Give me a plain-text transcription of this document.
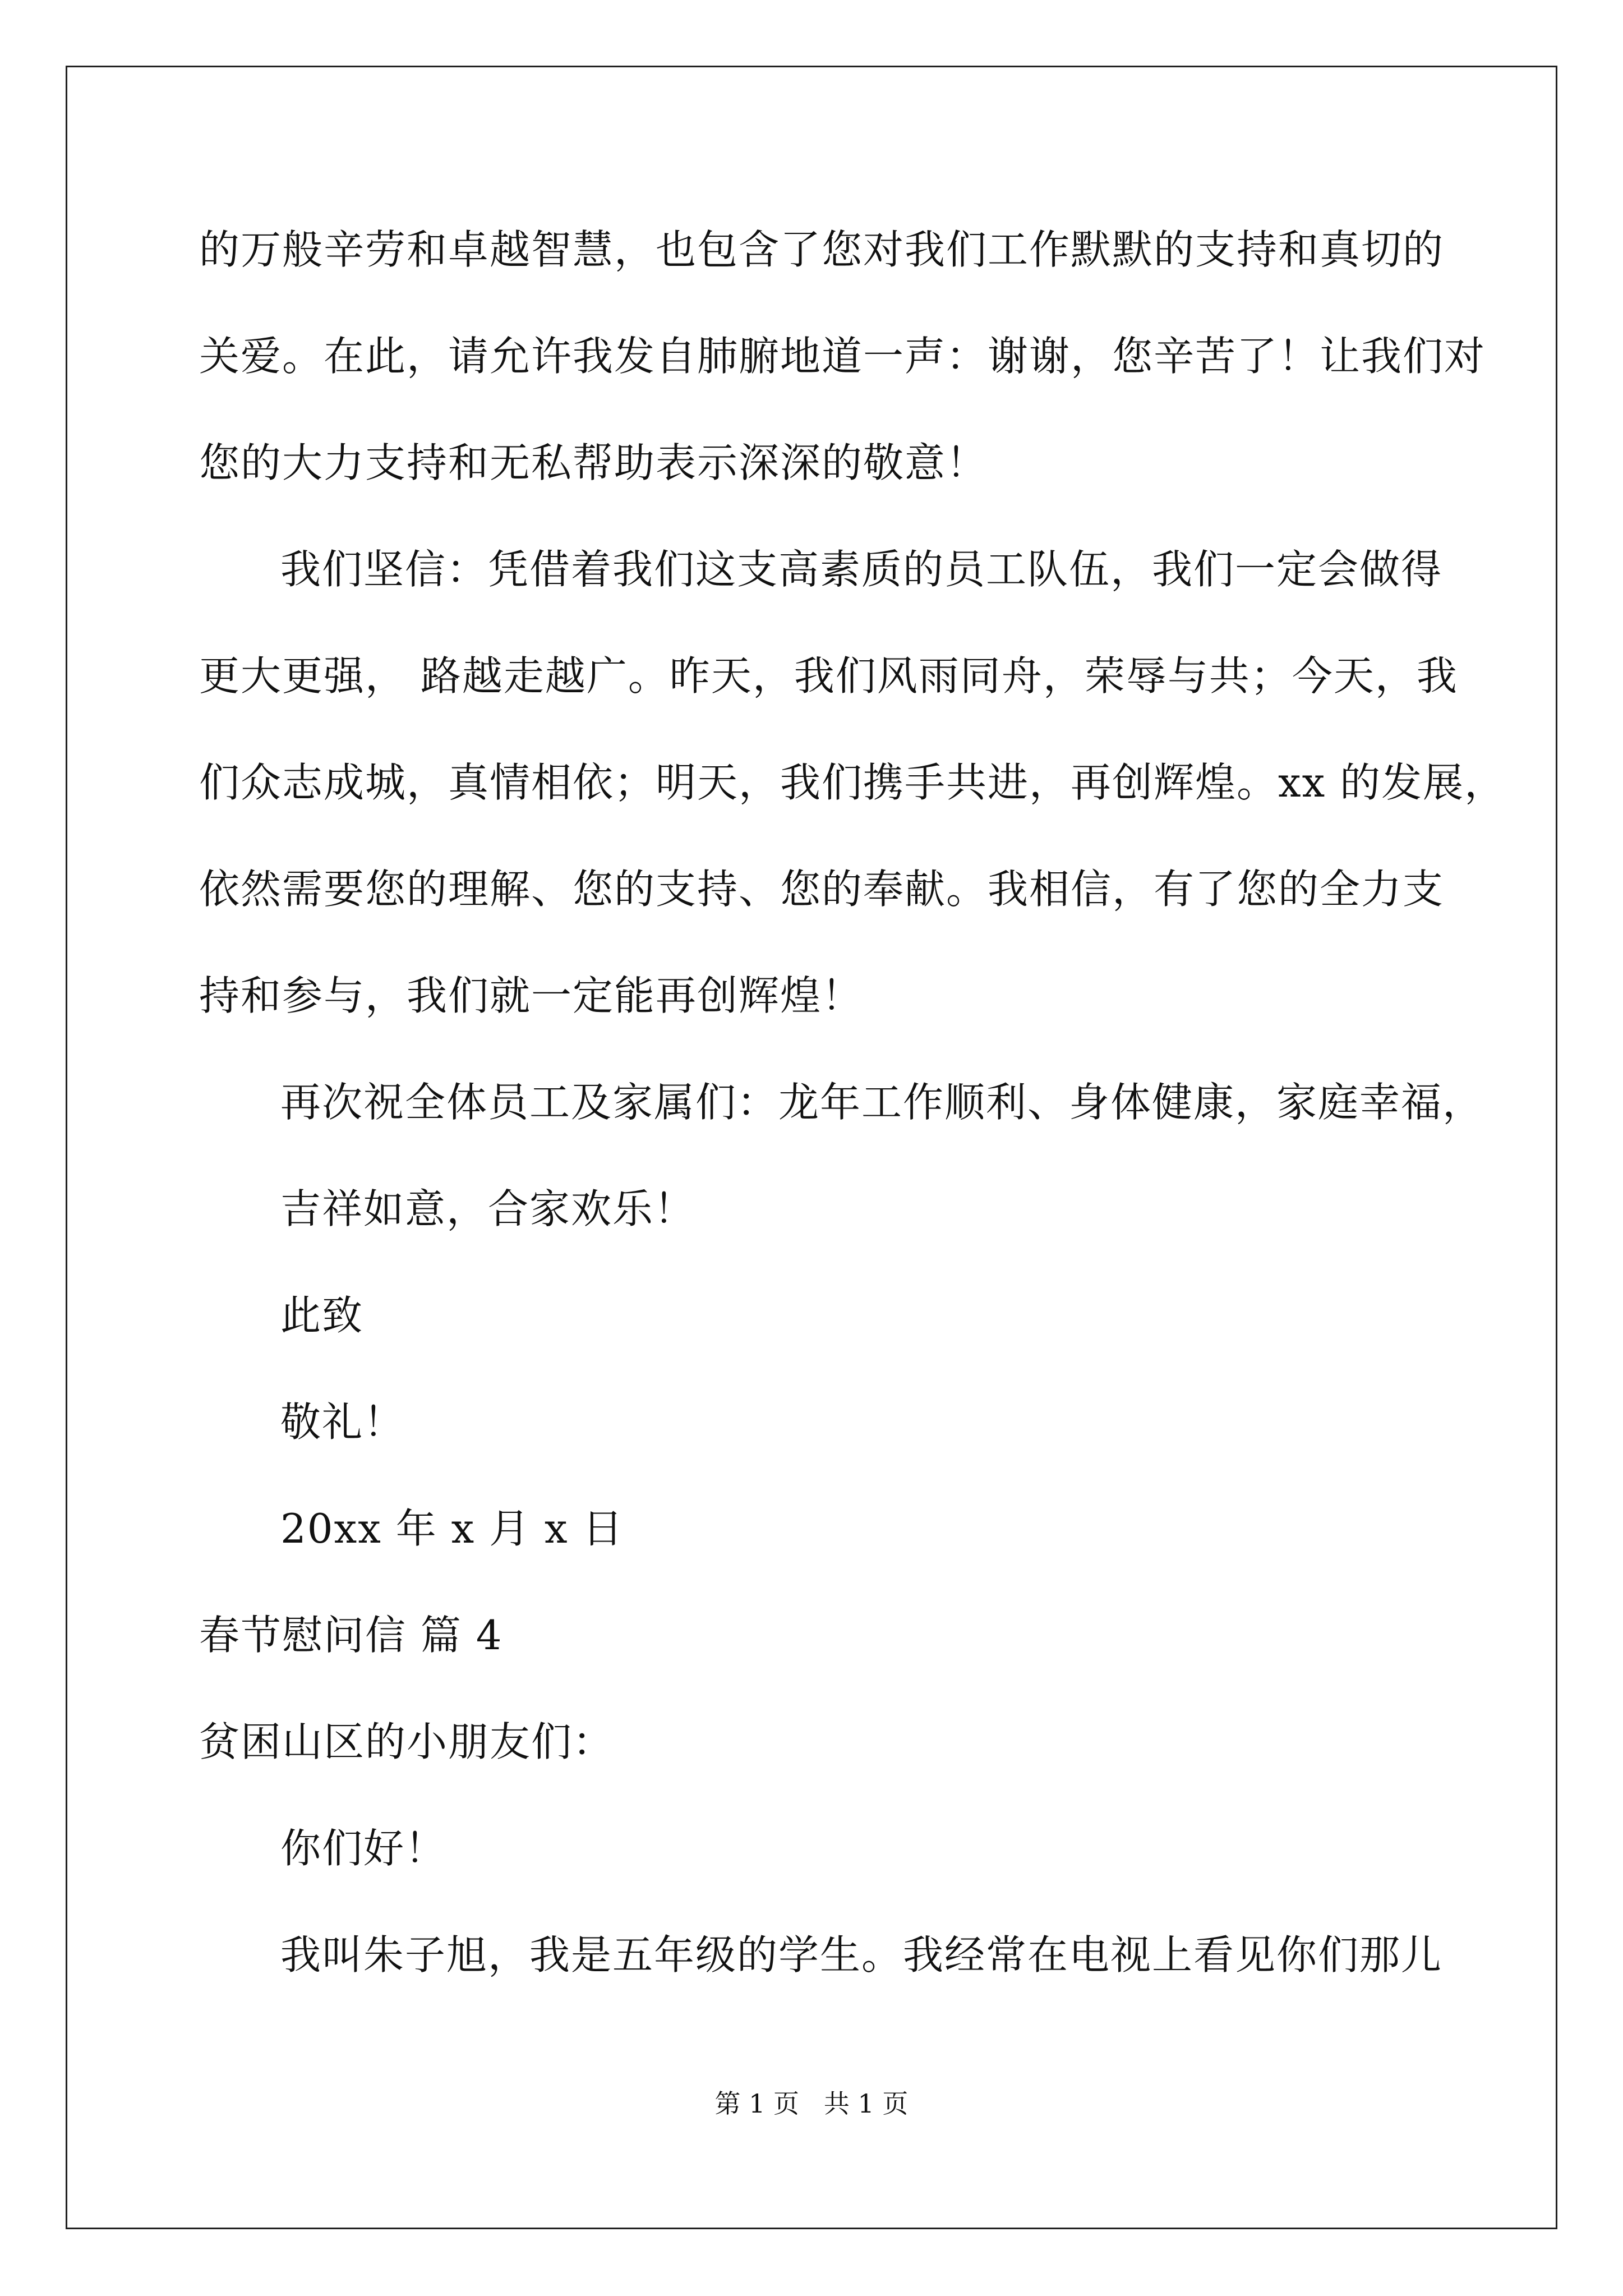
的万般辛劳和卓越智慧，也包含了您对我们工作默默的支持和真切的
关爱。在此，请允许我发自肺腑地道一声：谢谢，您辛苦了！让我们对
您的大力支持和无私帮助表示深深的敬意！
我们坚信：凭借着我们这支高素质的员工队伍，我们一定会做得
更大更强， 路越走越广。昨天，我们风雨同舟，荣辱与共；今天，我
们众志成城，真情相依；明天，我们携手共进，再创辉煌。xx 的发展，
依然需要您的理解、您的支持、您的奉献。我相信，有了您的全力支
持和参与，我们就一定能再创辉煌！
再次祝全体员工及家属们：龙年工作顺利、身体健康，家庭幸福，
吉祥如意，合家欢乐！
此致
敬礼！
20xx 年 x 月 x 日
春节慰问信 篇 4
贫困山区的小朋友们：
你们好！
我叫朱子旭，我是五年级的学生。我经常在电视上看见你们那儿
第 1 页   共 1 页
